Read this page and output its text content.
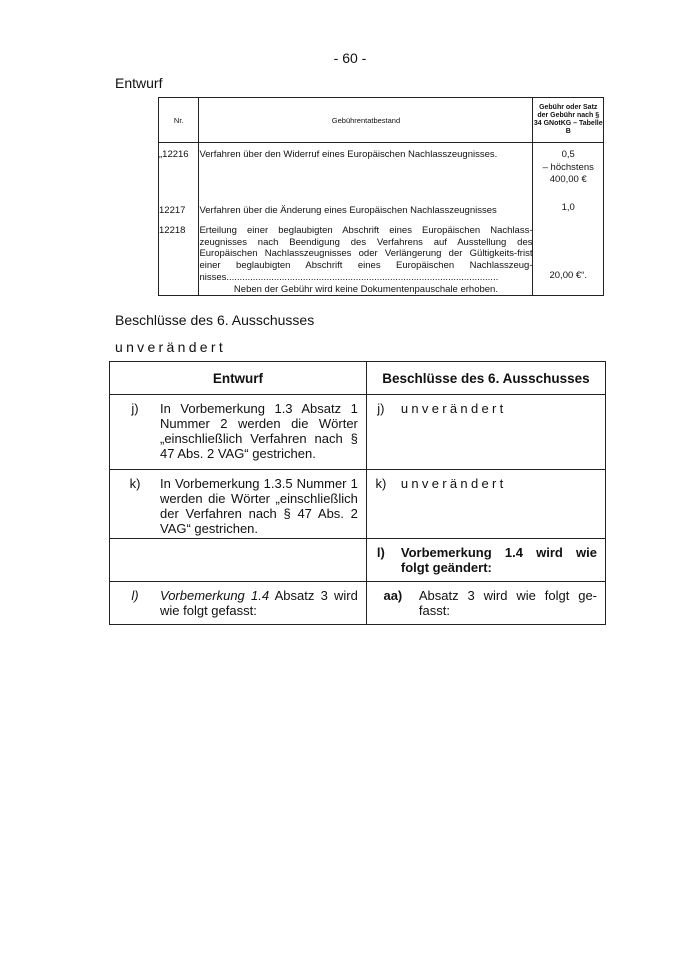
- 60 -
Entwurf
Nr.	Gebührentatbestand	Gebühr oder Satz der Gebühr nach § 34 GNotKG – Tabelle B
„12216	Verfahren über den Widerruf eines Europäischen Nachlasszeugnisses.	0,5
– höchstens
400,00 €
12217	Verfahren über die Änderung eines Europäischen Nachlasszeugnisses	1,0
12218	Erteilung einer beglaubigten Abschrift eines Europäischen Nachlass-zeugnisses nach Beendigung des Verfahrens auf Ausstellung des Europäischen Nachlasszeugnisses oder Verlängerung der Gültigkeits-frist einer beglaubigten Abschrift eines Europäischen Nachlasszeug-nisses.......................................................................................................	20,00 €“.
	Neben der Gebühr wird keine Dokumentenpauschale erhoben.	
Beschlüsse des 6. Ausschusses
unverändert
Entwurf	Beschlüsse des 6. Ausschusses

j) In Vorbemerkung 1.3 Absatz 1 Nummer 2 werden die Wörter „einschließlich Verfahren nach § 47 Abs. 2 VAG“ gestrichen.	j) unverändert

k) In Vorbemerkung 1.3.5 Nummer 1 werden die Wörter „einschließlich der Verfahren nach § 47 Abs. 2 VAG“ gestrichen.	k) unverändert

	l) Vorbemerkung 1.4 wird wie folgt geändert:

l) Vorbemerkung 1.4 Absatz 3 wird wie folgt gefasst:	aa) Absatz 3 wird wie folgt ge-fasst:
